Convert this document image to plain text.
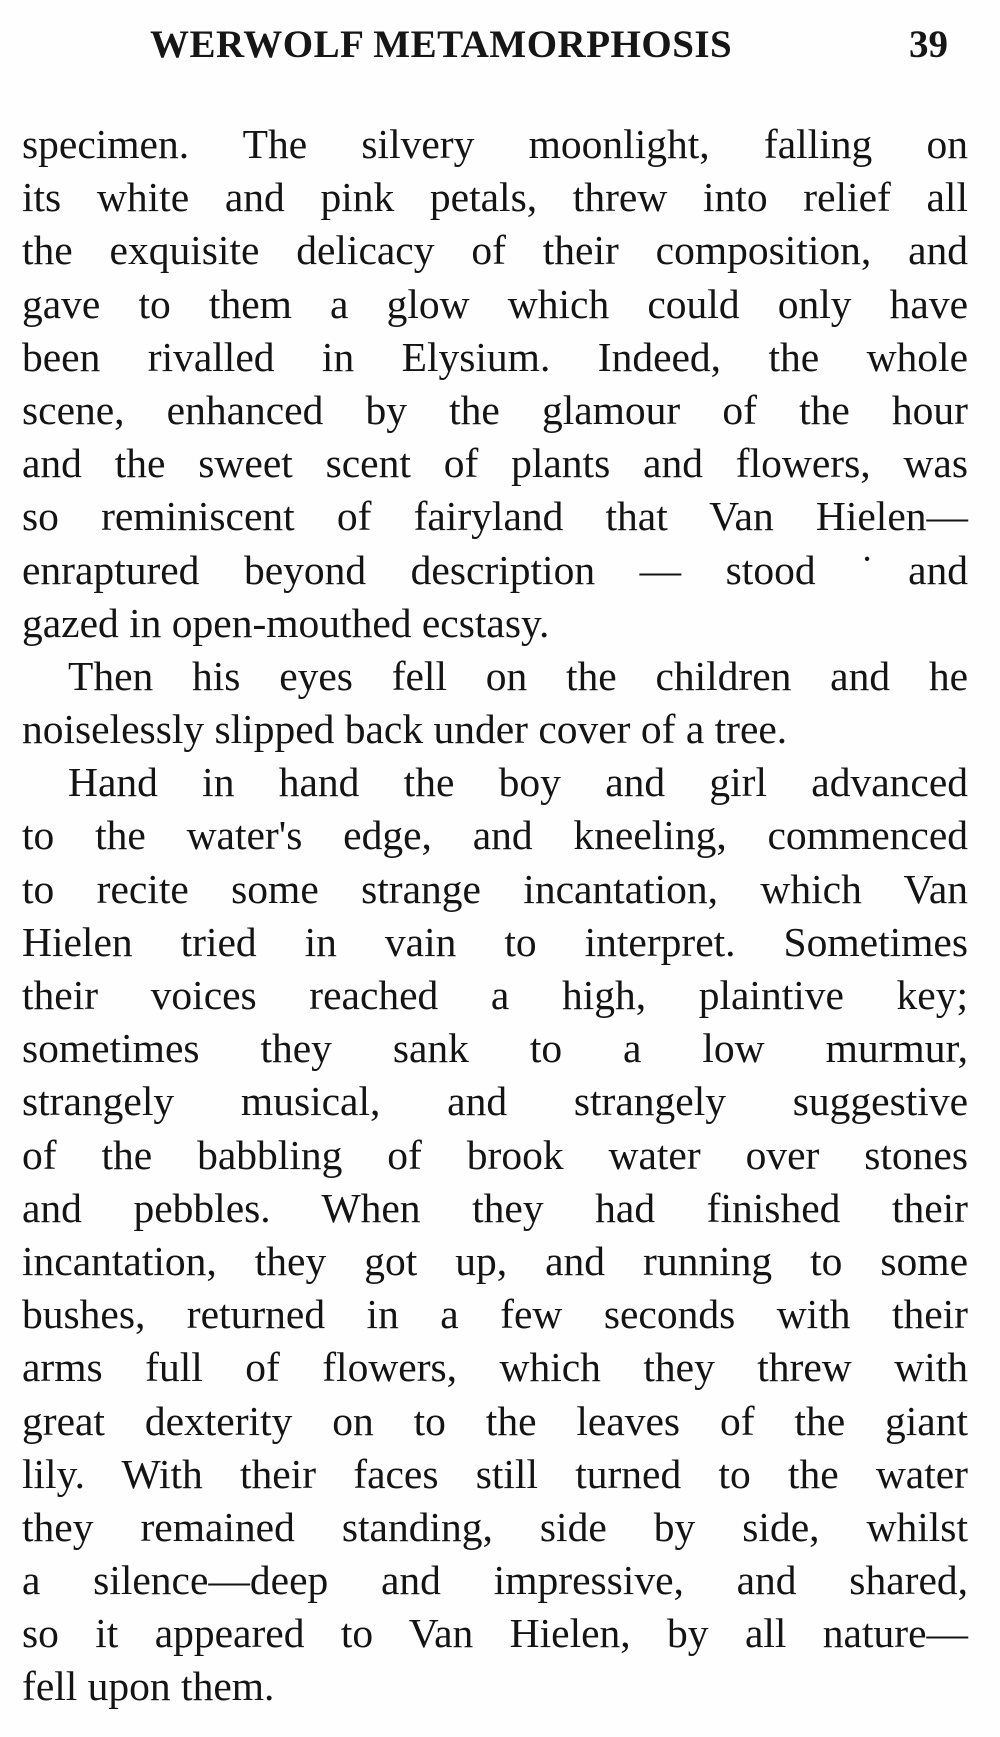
WERWOLF METAMORPHOSIS	39
specimen. The silvery moonlight, falling on
its white and pink petals, threw into relief all
the exquisite delicacy of their composition, and
gave to them a glow which could only have
been rivalled in Elysium. Indeed, the whole
scene, enhanced by the glamour of the hour
and the sweet scent of plants and flowers, was
so reminiscent of fairyland that Van Hielen—
enraptured beyond description — stood ˙and
gazed in open-mouthed ecstasy.
Then his eyes fell on the children and he
noiselessly slipped back under cover of a tree.
Hand in hand the boy and girl advanced
to the water's edge, and kneeling, commenced
to recite some strange incantation, which Van
Hielen tried in vain to interpret. Sometimes
their voices reached a high, plaintive key;
sometimes they sank to a low murmur,
strangely musical, and strangely suggestive
of the babbling of brook water over stones
and pebbles. When they had finished their
incantation, they got up, and running to some
bushes, returned in a few seconds with their
arms full of flowers, which they threw with
great dexterity on to the leaves of the giant
lily. With their faces still turned to the water
they remained standing, side by side, whilst
a silence—deep and impressive, and shared,
so it appeared to Van Hielen, by all nature—
fell upon them.
